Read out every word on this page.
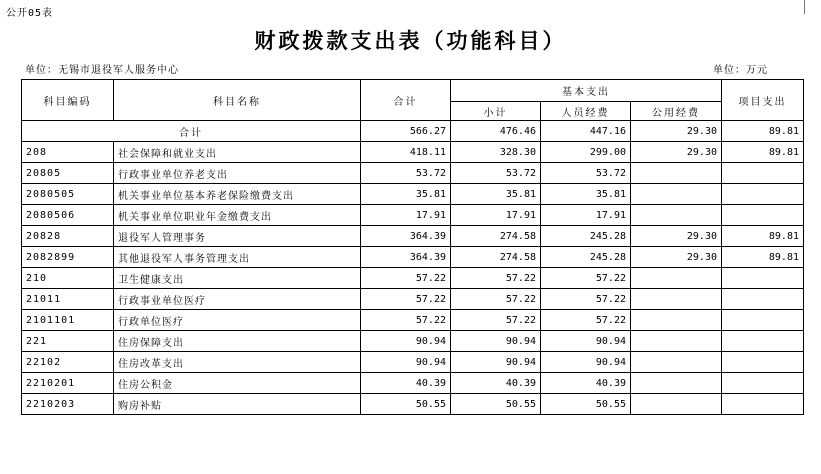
公开05表
财政拨款支出表（功能科目）
单位：无锡市退役军人服务中心	单位：万元
科目编码	科目名称	合计	基本支出			项目支出
			小计	人员经费	公用经费	
合计		566.27	476.46	447.16	29.30	89.81
208	社会保障和就业支出	418.11	328.30	299.00	29.30	89.81
20805	行政事业单位养老支出	53.72	53.72	53.72		
2080505	机关事业单位基本养老保险缴费支出	35.81	35.81	35.81		
2080506	机关事业单位职业年金缴费支出	17.91	17.91	17.91		
20828	退役军人管理事务	364.39	274.58	245.28	29.30	89.81
2082899	其他退役军人事务管理支出	364.39	274.58	245.28	29.30	89.81
210	卫生健康支出	57.22	57.22	57.22		
21011	行政事业单位医疗	57.22	57.22	57.22		
2101101	行政单位医疗	57.22	57.22	57.22		
221	住房保障支出	90.94	90.94	90.94		
22102	住房改革支出	90.94	90.94	90.94		
2210201	住房公积金	40.39	40.39	40.39		
2210203	购房补贴	50.55	50.55	50.55		
